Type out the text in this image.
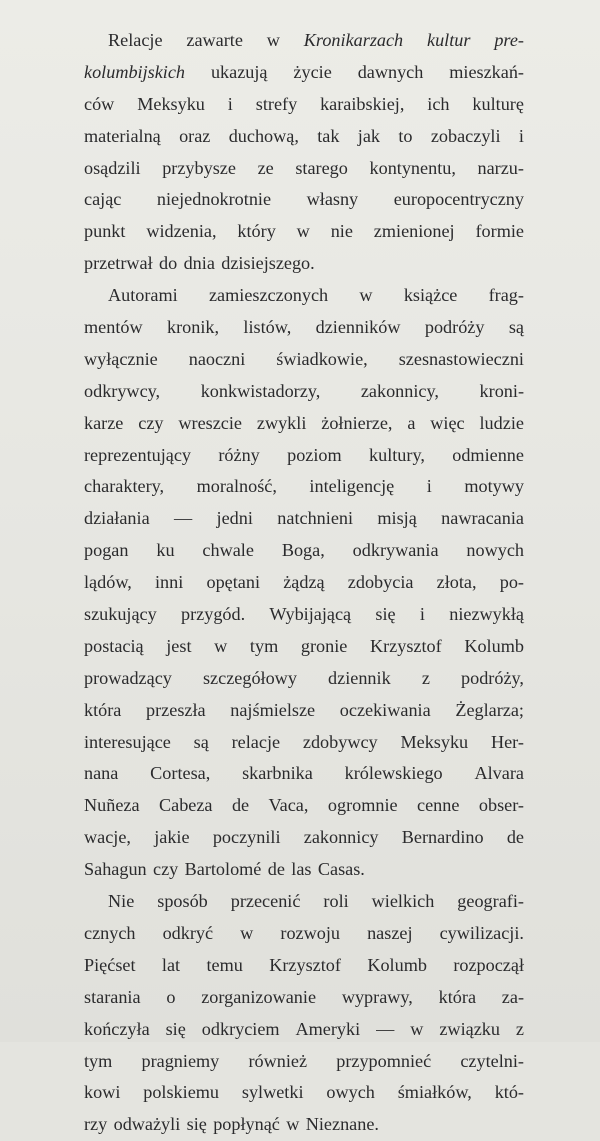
Relacje zawarte w Kronikarzach kultur pre-
kolumbijskich ukazują życie dawnych mieszkań-
ców Meksyku i strefy karaibskiej, ich kulturę
materialną oraz duchową, tak jak to zobaczyli i
osądzili przybysze ze starego kontynentu, narzu-
cając niejednokrotnie własny europocentryczny
punkt widzenia, który w nie zmienionej formie
przetrwał do dnia dzisiejszego.
Autorami zamieszczonych w książce frag-
mentów kronik, listów, dzienników podróży są
wyłącznie naoczni świadkowie, szesnastowieczni
odkrywcy, konkwistadorzy, zakonnicy, kroni-
karze czy wreszcie zwykli żołnierze, a więc ludzie
reprezentujący różny poziom kultury, odmienne
charaktery, moralność, inteligencję i motywy
działania — jedni natchnieni misją nawracania
pogan ku chwale Boga, odkrywania nowych
lądów, inni opętani żądzą zdobycia złota, po-
szukujący przygód. Wybijającą się i niezwykłą
postacią jest w tym gronie Krzysztof Kolumb
prowadzący szczegółowy dziennik z podróży,
która przeszła najśmielsze oczekiwania Żeglarza;
interesujące są relacje zdobywcy Meksyku Her-
nana Cortesa, skarbnika królewskiego Alvara
Nuñeza Cabeza de Vaca, ogromnie cenne obser-
wacje, jakie poczynili zakonnicy Bernardino de
Sahagun czy Bartolomé de las Casas.
Nie sposób przecenić roli wielkich geografi-
cznych odkryć w rozwoju naszej cywilizacji.
Pięćset lat temu Krzysztof Kolumb rozpoczął
starania o zorganizowanie wyprawy, która za-
kończyła się odkryciem Ameryki — w związku z
tym pragniemy również przypomnieć czytelni-
kowi polskiemu sylwetki owych śmiałków, któ-
rzy odważyli się popłynąć w Nieznane.
